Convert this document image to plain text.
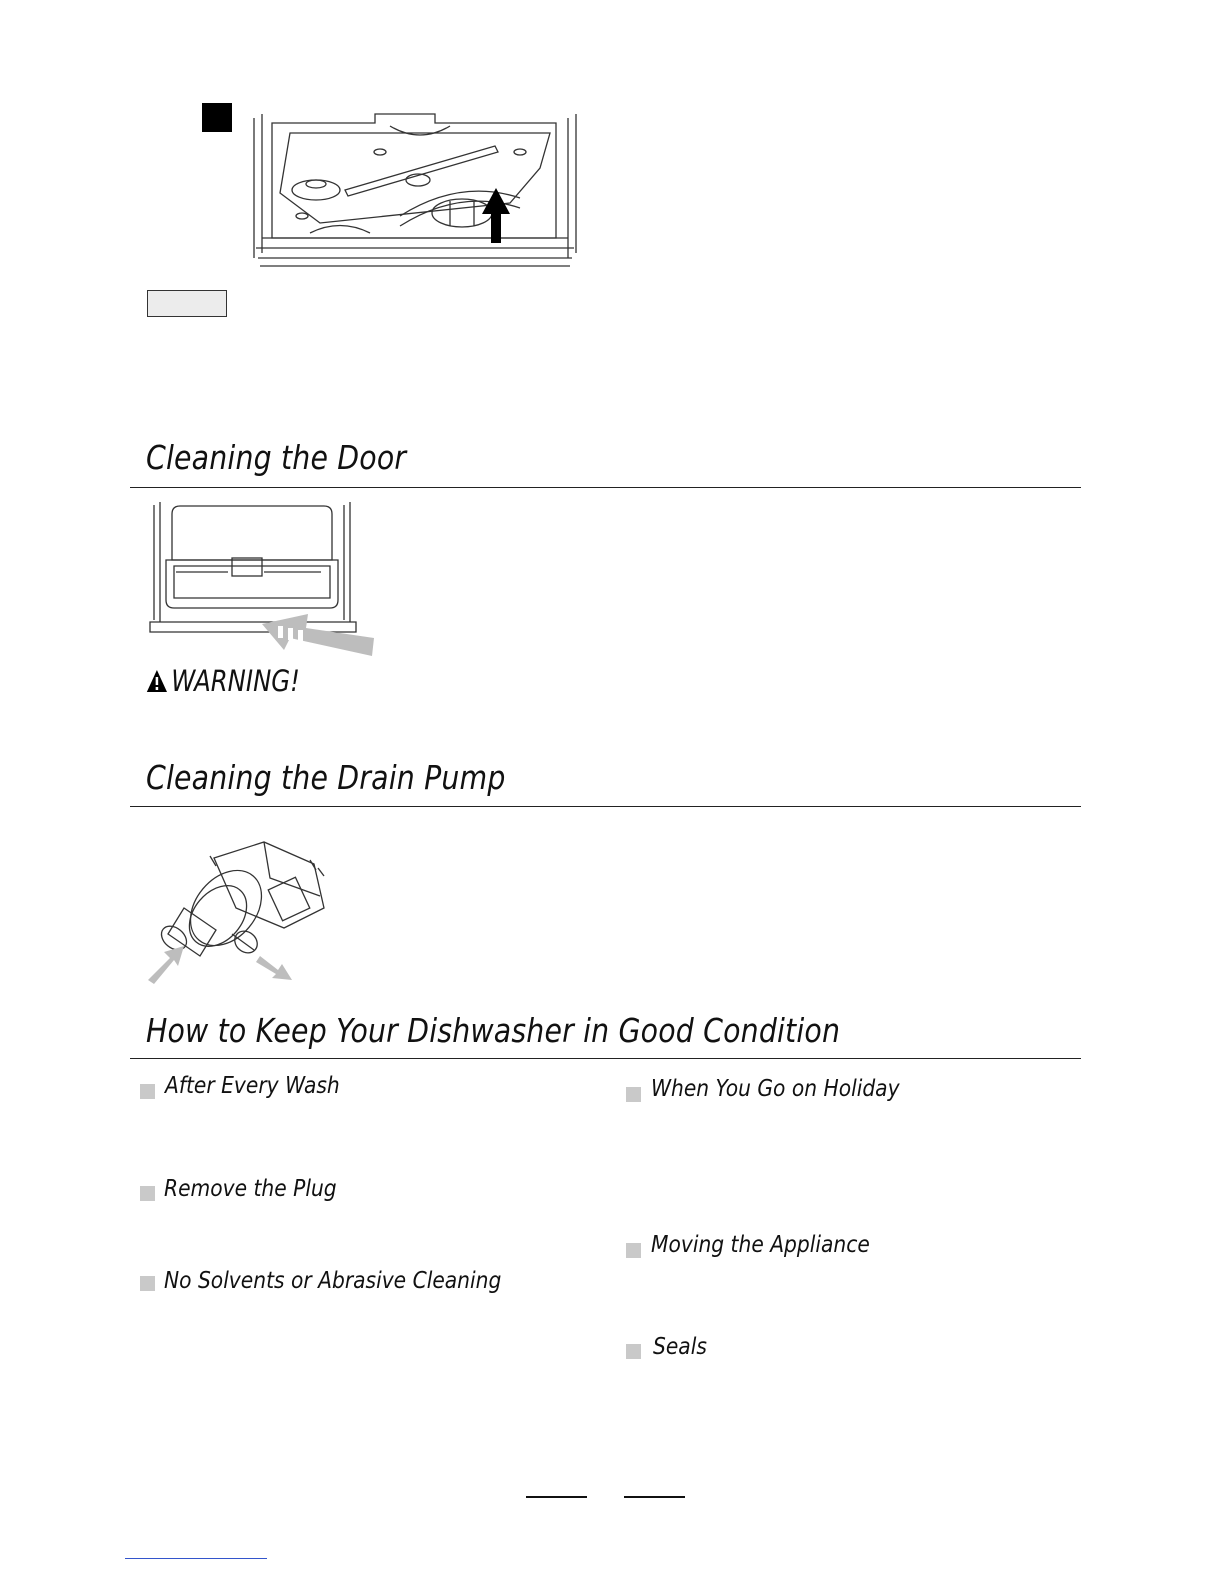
Cleaning the Door
WARNING!
Cleaning the Drain Pump
How to Keep Your Dishwasher in Good Condition
After Every Wash
Remove the Plug
No Solvents or Abrasive Cleaning
When You Go on Holiday
Moving the Appliance
Seals
